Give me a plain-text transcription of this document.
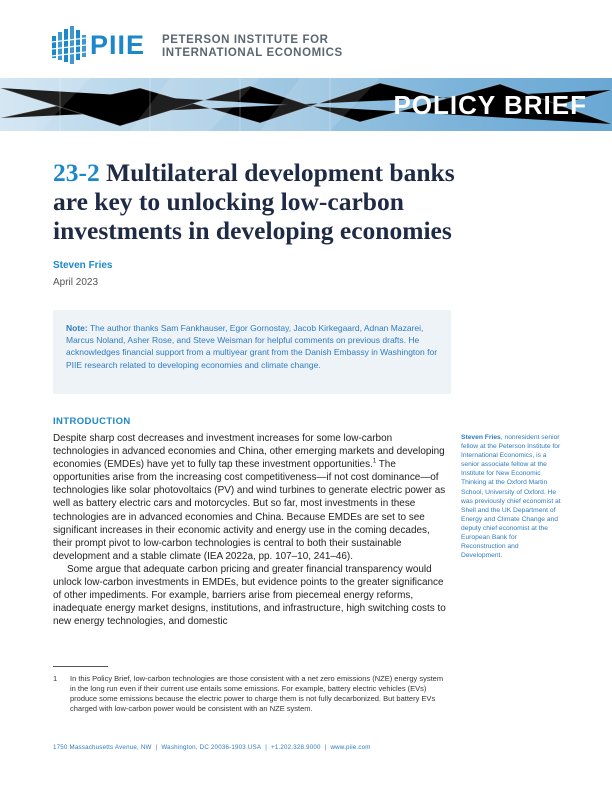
PIIE PETERSON INSTITUTE FOR
INTERNATIONAL ECONOMICS
POLICY BRIEF
23-2 Multilateral development banks are key to unlocking low-carbon investments in developing economies
Steven Fries
April 2023
Note: The author thanks Sam Fankhauser, Egor Gornostay, Jacob Kirkegaard, Adnan Mazarei, Marcus Noland, Asher Rose, and Steve Weisman for helpful comments on previous drafts. He acknowledges financial support from a multiyear grant from the Danish Embassy in Washington for PIIE research related to developing economies and climate change.
INTRODUCTION

Despite sharp cost decreases and investment increases for some low-carbon technologies in advanced economies and China, other emerging markets and developing economies (EMDEs) have yet to fully tap these investment opportunities.$^1$ The opportunities arise from the increasing cost competitiveness—if not cost dominance—of technologies like solar photovoltaics (PV) and wind turbines to generate electric power as well as battery electric cars and motorcycles. But so far, most investments in these technologies are in advanced economies and China. Because EMDEs are set to see significant increases in their economic activity and energy use in the coming decades, their prompt pivot to low-carbon technologies is central to both their sustainable development and a stable climate (IEA 2022a, pp. 107–10, 241–46).

Some argue that adequate carbon pricing and greater financial transparency would unlock low-carbon investments in EMDEs, but evidence points to the greater significance of other impediments. For example, barriers arise from piecemeal energy reforms, inadequate energy market designs, institutions, and infrastructure, high switching costs to new energy technologies, and domestic

Steven Fries, nonresident senior fellow at the Peterson Institute for International Economics, is a senior associate fellow at the Institute for New Economic Thinking at the Oxford Martin School, University of Oxford. He was previously chief economist at Shell and the UK Department of Energy and Climate Change and deputy chief economist at the European Bank for Reconstruction and Development.
1 In this Policy Brief, low-carbon technologies are those consistent with a net zero emissions (NZE) energy system in the long run even if their current use entails some emissions. For example, battery electric vehicles (EVs) produce some emissions because the electric power to charge them is not fully decarbonized. But battery EVs charged with low-carbon power would be consistent with an NZE system.
1750 Massachusetts Avenue, NW | Washington, DC 20036-1903 USA | +1.202.328.9000 | www.piie.com
